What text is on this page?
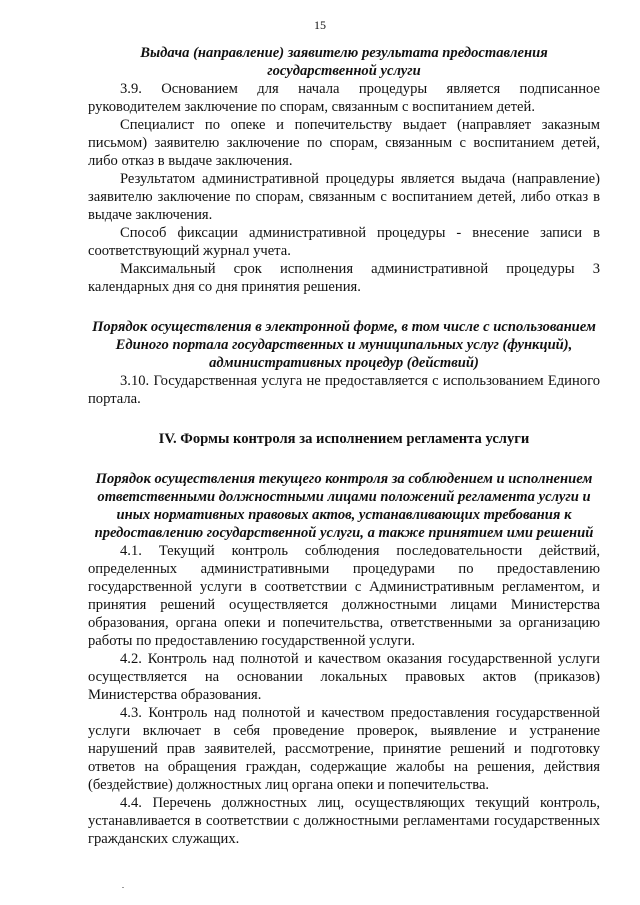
15
Выдача (направление) заявителю результата предоставления государственной услуги

3.9. Основанием для начала процедуры является подписанное руководителем заключение по спорам, связанным с воспитанием детей.

Специалист по опеке и попечительству выдает (направляет заказным письмом) заявителю заключение по спорам, связанным с воспитанием детей, либо отказ в выдаче заключения.

Результатом административной процедуры является выдача (направление) заявителю заключение по спорам, связанным с воспитанием детей, либо отказ в выдаче заключения.

Способ фиксации административной процедуры - внесение записи в соответствующий журнал учета.

Максимальный срок исполнения административной процедуры 3 календарных дня со дня принятия решения.

Порядок осуществления в электронной форме, в том числе с использованием Единого портала государственных и муниципальных услуг (функций), административных процедур (действий)

3.10. Государственная услуга не предоставляется с использованием Единого портала.

IV. Формы контроля за исполнением регламента услуги
Порядок осуществления текущего контроля за соблюдением и исполнением ответственными должностными лицами положений регламента услуги и иных нормативных правовых актов, устанавливающих требования к предоставлению государственной услуги, а также принятием ими решений

4.1. Текущий контроль соблюдения последовательности действий, определенных административными процедурами по предоставлению государственной услуги в соответствии с Административным регламентом, и принятия решений осуществляется должностными лицами Министерства образования, органа опеки и попечительства, ответственными за организацию работы по предоставлению государственной услуги.

4.2. Контроль над полнотой и качеством оказания государственной услуги осуществляется на основании локальных правовых актов (приказов) Министерства образования.

4.3. Контроль над полнотой и качеством предоставления государственной услуги включает в себя проведение проверок, выявление и устранение нарушений прав заявителей, рассмотрение, принятие решений и подготовку ответов на обращения граждан, содержащие жалобы на решения, действия (бездействие) должностных лиц органа опеки и попечительства.

4.4. Перечень должностных лиц, осуществляющих текущий контроль, устанавливается в соответствии с должностными регламентами государственных гражданских служащих.
